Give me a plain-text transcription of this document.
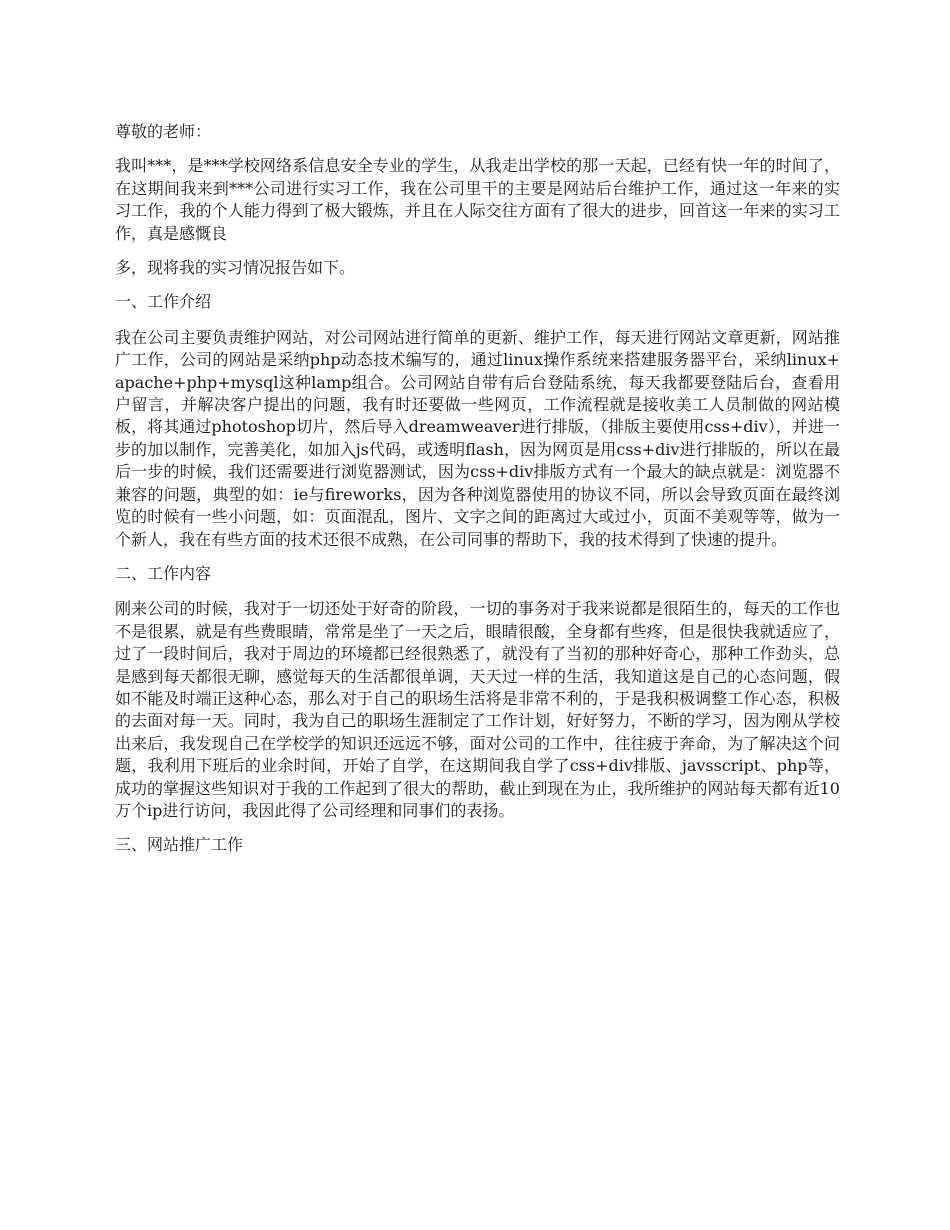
尊敬的老师：

我叫***，是***学校网络系信息安全专业的学生，从我走出学校的那一天起，已经有快一年的时间了，在这期间我来到***公司进行实习工作，我在公司里干的主要是网站后台维护工作，通过这一年来的实习工作，我的个人能力得到了极大锻炼，并且在人际交往方面有了很大的进步，回首这一年来的实习工作，真是感慨良

多，现将我的实习情况报告如下。

一、工作介绍

我在公司主要负责维护网站，对公司网站进行简单的更新、维护工作，每天进行网站文章更新，网站推广工作，公司的网站是采纳php动态技术编写的，通过linux操作系统来搭建服务器平台，采纳linux+apache+php+mysql这种lamp组合。公司网站自带有后台登陆系统，每天我都要登陆后台，查看用户留言，并解决客户提出的问题，我有时还要做一些网页，工作流程就是接收美工人员制做的网站模板，将其通过photoshop切片，然后导入dreamweaver进行排版，（排版主要使用css+div），并进一步的加以制作，完善美化，如加入js代码，或透明flash，因为网页是用css+div进行排版的，所以在最后一步的时候，我们还需要进行浏览器测试，因为css+div排版方式有一个最大的缺点就是：浏览器不兼容的问题，典型的如：ie与fireworks，因为各种浏览器使用的协议不同，所以会导致页面在最终浏览的时候有一些小问题，如：页面混乱，图片、文字之间的距离过大或过小，页面不美观等等，做为一个新人，我在有些方面的技术还很不成熟，在公司同事的帮助下，我的技术得到了快速的提升。

二、工作内容

刚来公司的时候，我对于一切还处于好奇的阶段，一切的事务对于我来说都是很陌生的，每天的工作也不是很累，就是有些费眼睛，常常是坐了一天之后，眼睛很酸，全身都有些疼，但是很快我就适应了，过了一段时间后，我对于周边的环境都已经很熟悉了，就没有了当初的那种好奇心，那种工作劲头，总是感到每天都很无聊，感觉每天的生活都很单调，天天过一样的生活，我知道这是自己的心态问题，假如不能及时端正这种心态，那么对于自己的职场生活将是非常不利的，于是我积极调整工作心态，积极的去面对每一天。同时，我为自己的职场生涯制定了工作计划，好好努力，不断的学习，因为刚从学校出来后，我发现自己在学校学的知识还远远不够，面对公司的工作中，往往疲于奔命，为了解决这个问题，我利用下班后的业余时间，开始了自学，在这期间我自学了css+div排版、javsscript、php等，成功的掌握这些知识对于我的工作起到了很大的帮助，截止到现在为止，我所维护的网站每天都有近10万个ip进行访问，我因此得了公司经理和同事们的表扬。

三、网站推广工作
